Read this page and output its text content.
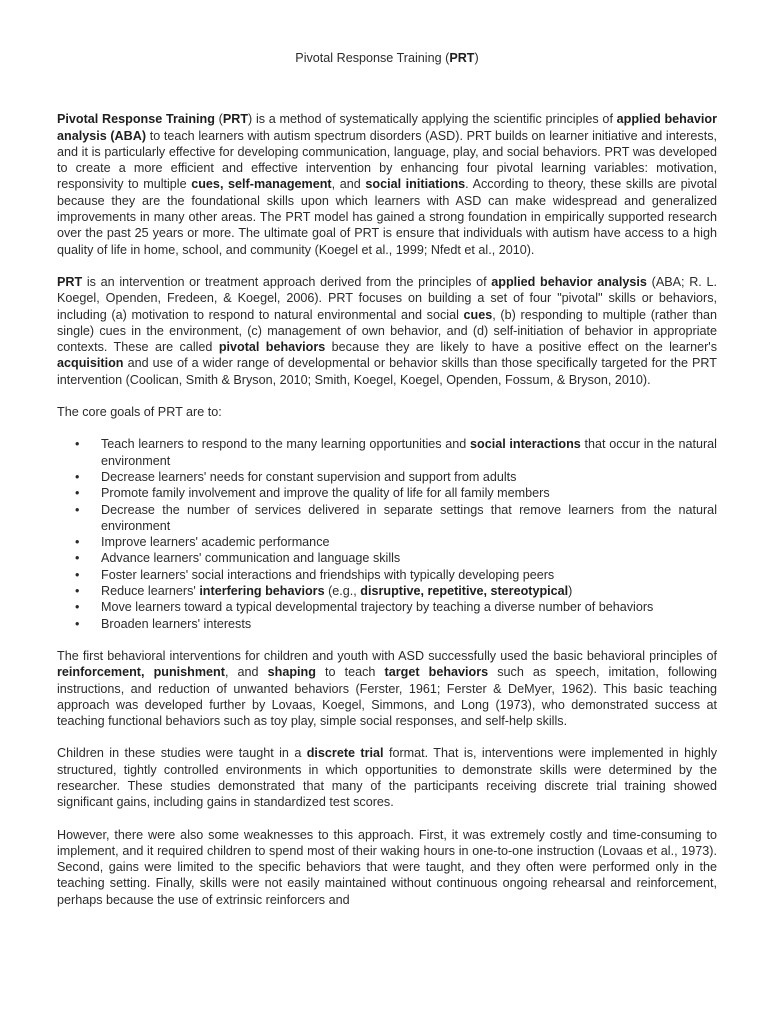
Pivotal Response Training (PRT)

Pivotal Response Training (PRT) is a method of systematically applying the scientific principles of applied behavior analysis (ABA) to teach learners with autism spectrum disorders (ASD). PRT builds on learner initiative and interests, and it is particularly effective for developing communication, language, play, and social behaviors. PRT was developed to create a more efficient and effective intervention by enhancing four pivotal learning variables: motivation, responsivity to multiple cues, self-management, and social initiations. According to theory, these skills are pivotal because they are the foundational skills upon which learners with ASD can make widespread and generalized improvements in many other areas. The PRT model has gained a strong foundation in empirically supported research over the past 25 years or more. The ultimate goal of PRT is ensure that individuals with autism have access to a high quality of life in home, school, and community (Koegel et al., 1999; Nfedt et al., 2010).

PRT is an intervention or treatment approach derived from the principles of applied behavior analysis (ABA; R. L. Koegel, Openden, Fredeen, & Koegel, 2006). PRT focuses on building a set of four "pivotal" skills or behaviors, including (a) motivation to respond to natural environmental and social cues, (b) responding to multiple (rather than single) cues in the environment, (c) management of own behavior, and (d) self-initiation of behavior in appropriate contexts. These are called pivotal behaviors because they are likely to have a positive effect on the learner's acquisition and use of a wider range of developmental or behavior skills than those specifically targeted for the PRT intervention (Coolican, Smith & Bryson, 2010; Smith, Koegel, Koegel, Openden, Fossum, & Bryson, 2010).

The core goals of PRT are to:

• Teach learners to respond to the many learning opportunities and social interactions that occur in the natural environment
• Decrease learners' needs for constant supervision and support from adults
• Promote family involvement and improve the quality of life for all family members
• Decrease the number of services delivered in separate settings that remove learners from the natural environment
• Improve learners' academic performance
• Advance learners' communication and language skills
• Foster learners' social interactions and friendships with typically developing peers
• Reduce learners' interfering behaviors (e.g., disruptive, repetitive, stereotypical)
• Move learners toward a typical developmental trajectory by teaching a diverse number of behaviors
• Broaden learners' interests

The first behavioral interventions for children and youth with ASD successfully used the basic behavioral principles of reinforcement, punishment, and shaping to teach target behaviors such as speech, imitation, following instructions, and reduction of unwanted behaviors (Ferster, 1961; Ferster & DeMyer, 1962). This basic teaching approach was developed further by Lovaas, Koegel, Simmons, and Long (1973), who demonstrated success at teaching functional behaviors such as toy play, simple social responses, and self-help skills.

Children in these studies were taught in a discrete trial format. That is, interventions were implemented in highly structured, tightly controlled environments in which opportunities to demonstrate skills were determined by the researcher. These studies demonstrated that many of the participants receiving discrete trial training showed significant gains, including gains in standardized test scores.

However, there were also some weaknesses to this approach. First, it was extremely costly and time-consuming to implement, and it required children to spend most of their waking hours in one-to-one instruction (Lovaas et al., 1973). Second, gains were limited to the specific behaviors that were taught, and they often were performed only in the teaching setting. Finally, skills were not easily maintained without continuous ongoing rehearsal and reinforcement, perhaps because the use of extrinsic reinforcers and
